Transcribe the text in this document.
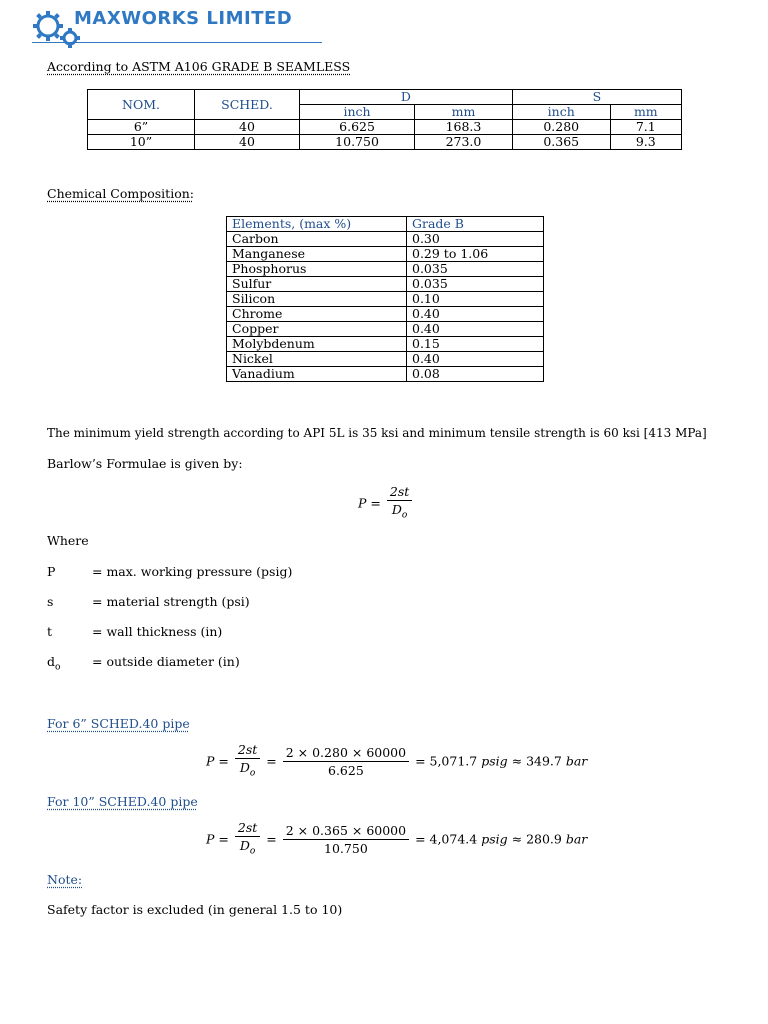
MAXWORKS LIMITED
According to ASTM A106 GRADE B SEAMLESS
NOM.	SCHED.	D		S	
		inch	mm	inch	mm
6”	40	6.625	168.3	0.280	7.1
10”	40	10.750	273.0	0.365	9.3
Chemical Composition:
Elements, (max %)	Grade B
Carbon	0.30
Manganese	0.29 to 1.06
Phosphorus	0.035
Sulfur	0.035
Silicon	0.10
Chrome	0.40
Copper	0.40
Molybdenum	0.15
Nickel	0.40
Vanadium	0.08
The minimum yield strength according to API 5L is 35 ksi and minimum tensile strength is 60 ksi [413 MPa]
Barlow’s Formulae is given by:
$P = \frac{2st}{D_o}$
Where
P	= max. working pressure (psig)
s	= material strength (psi)
t	= wall thickness (in)
$d_o$	= outside diameter (in)
For 6” SCHED.40 pipe
$P = \frac{2st}{D_o} = \frac{2 \times 0.280 \times 60000}{6.625} = 5,071.7$ psig ≈ 349.7 bar
For 10” SCHED.40 pipe
$P = \frac{2st}{D_o} = \frac{2 \times 0.365 \times 60000}{10.750} = 4,074.4$ psig ≈ 280.9 bar
Note:
Safety factor is excluded (in general 1.5 to 10)
